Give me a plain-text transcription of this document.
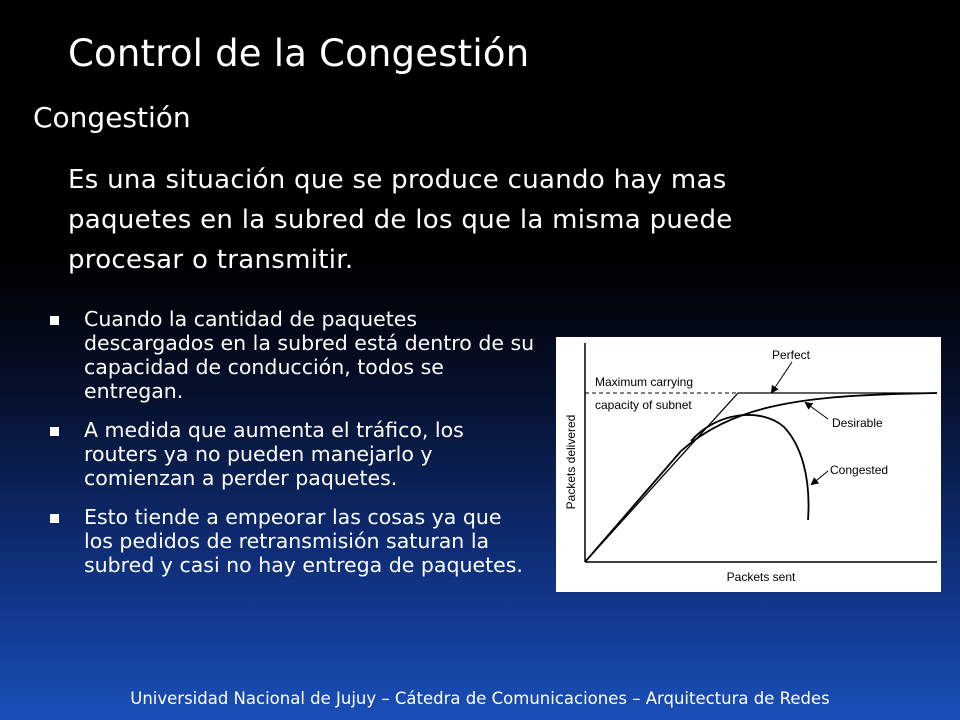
Control de la Congestión
Congestión
Es una situación que se produce cuando hay mas paquetes en la subred de los que la misma puede procesar o transmitir.
Cuando la cantidad de paquetes descargados en la subred está dentro de su capacidad de conducción, todos se entregan.
A medida que aumenta el tráfico, los routers ya no pueden manejarlo y comienzan a perder paquetes.
Esto tiende a empeorar las cosas ya que los pedidos de retransmisión saturan la subred y casi no hay entrega de paquetes.
Perfect
Desirable
Congested
Maximum carrying
capacity of subnet
Packets sent
Packets delivered
Universidad Nacional de Jujuy – Cátedra de Comunicaciones – Arquitectura de Redes
